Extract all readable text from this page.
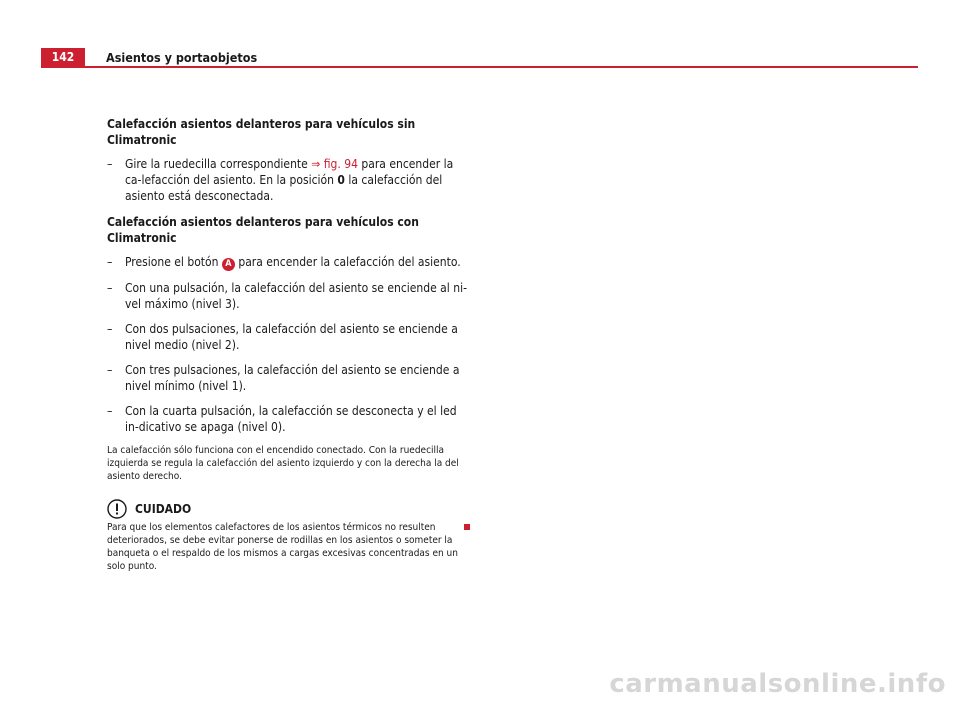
142	Asientos y portaobjetos
Calefacción asientos delanteros para vehículos sin Climatronic
– Gire la ruedecilla correspondiente ⇒ fig. 94 para encender la ca-lefacción del asiento. En la posición 0 la calefacción del asiento está desconectada.
Calefacción asientos delanteros para vehículos con Climatronic
– Presione el botón A para encender la calefacción del asiento.
– Con una pulsación, la calefacción del asiento se enciende al ni-vel máximo (nivel 3).
– Con dos pulsaciones, la calefacción del asiento se enciende a nivel medio (nivel 2).
– Con tres pulsaciones, la calefacción del asiento se enciende a nivel mínimo (nivel 1).
– Con la cuarta pulsación, la calefacción se desconecta y el led in-dicativo se apaga (nivel 0).
La calefacción sólo funciona con el encendido conectado. Con la ruedecilla izquierda se regula la calefacción del asiento izquierdo y con la derecha la del asiento derecho.
CUIDADO
Para que los elementos calefactores de los asientos térmicos no resulten deteriorados, se debe evitar ponerse de rodillas en los asientos o someter la banqueta o el respaldo de los mismos a cargas excesivas concentradas en un solo punto.
carmanualsonline.info
